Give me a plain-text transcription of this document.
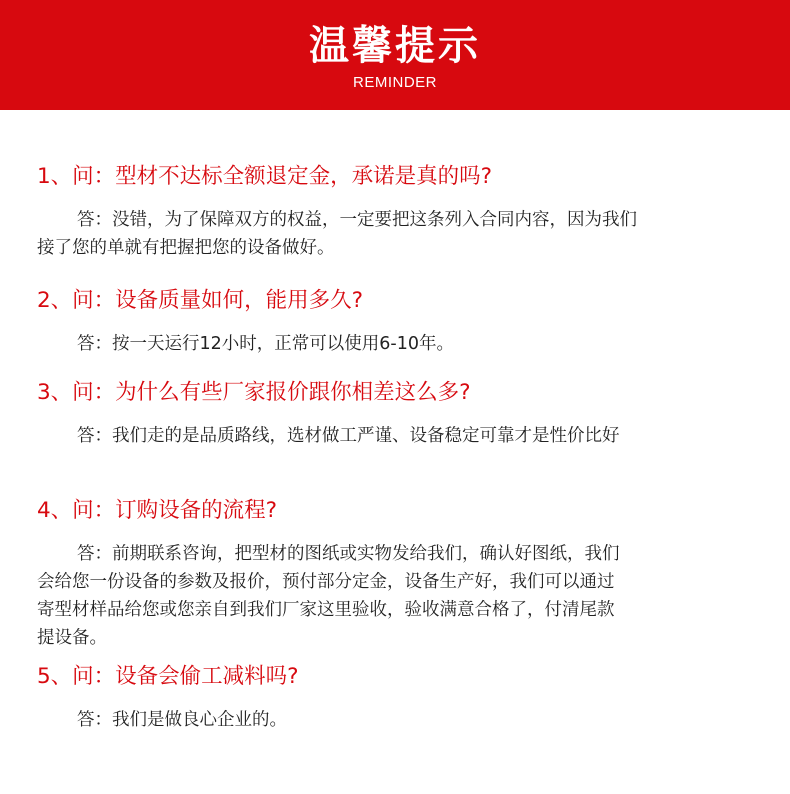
温馨提示
REMINDER
1、问：型材不达标全额退定金，承诺是真的吗?

答：没错，为了保障双方的权益，一定要把这条列入合同内容，因为我们

接了您的单就有把握把您的设备做好。

2、问：设备质量如何，能用多久?

答：按一天运行12小时，正常可以使用6-10年。

3、问：为什么有些厂家报价跟你相差这么多?

答：我们走的是品质路线，选材做工严谨、设备稳定可靠才是性价比好

4、问：订购设备的流程?

答：前期联系咨询，把型材的图纸或实物发给我们，确认好图纸，我们

会给您一份设备的参数及报价，预付部分定金，设备生产好，我们可以通过

寄型材样品给您或您亲自到我们厂家这里验收，验收满意合格了，付清尾款

提设备。

5、问：设备会偷工减料吗?

答：我们是做良心企业的。
